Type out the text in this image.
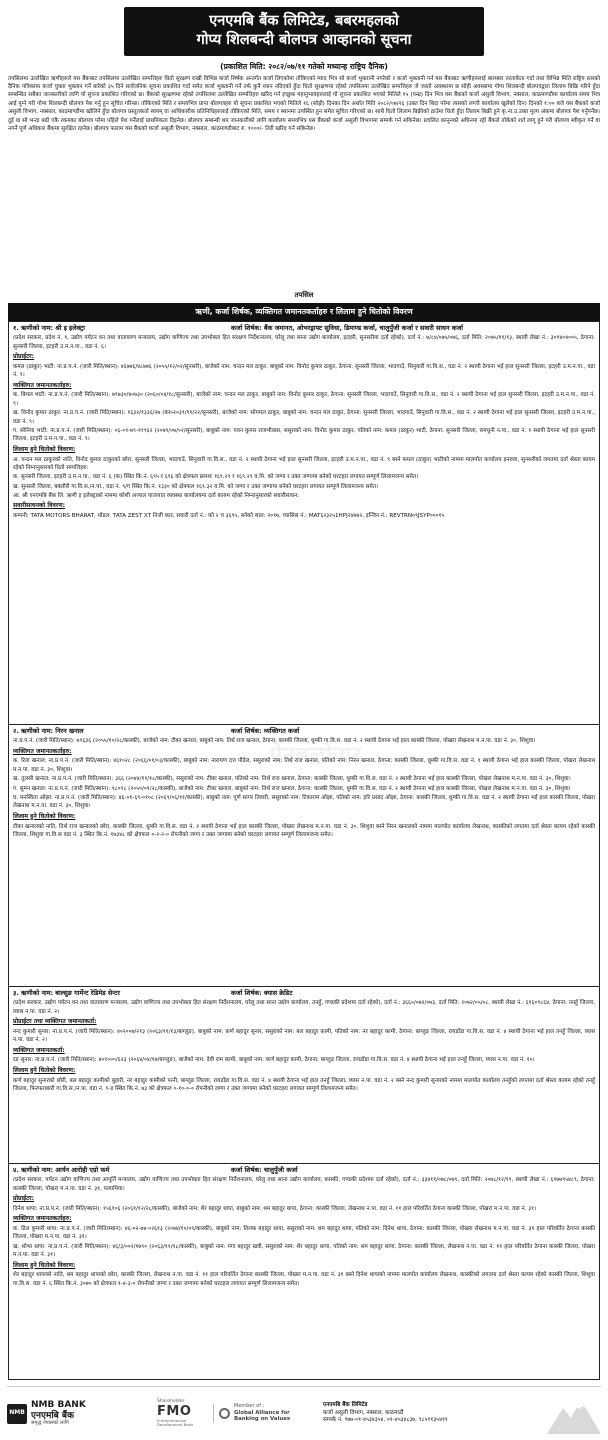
एनएमबि बैंक लिमिटेड, बबरमहलको
गोप्य शिलबन्दी बोलपत्र आव्हानको सूचना
(प्रकाशित मिति: २०८२/०७/११ गतेको मध्यान्ह राष्ट्रिय दैनिक)
तपसिलमा उल्लेखित ऋणीहरुले यस बैंकबाट तपसिलमा उल्लेखित सम्पत्तिहरु धितो सुरक्षण राखी विभिन्न कर्जा शिर्षक अन्तर्गत कर्जा लिएकोमा तोकिएको म्याद भित्र सो कर्जा भुक्तानी नगरेको र कर्जा भुक्तानी गर्न यस बैंकबाट ऋणीहरुलाई बारम्बार तरताकेता गर्दा तथा विभिन्न मिति राष्ट्रिय स्तरको दैनिक पत्रिकामा कर्जा चुक्ता भुक्तान गर्ने बारेको ३५ दिने सार्वजनिक सूचना प्रकाशित गर्दा समेत कर्जा भुक्तानी गर्ने तर्फ कुनै ध्यान नदिएको हुँदा धितो सुरक्षणमा रहेको तपसिलमा उल्लेखित सम्पत्तिहरु जे जस्तो अवस्थामा छ सोही अवस्थामा गोप्य शिलबन्दी बोलपत्रद्वारा लिलाम बिक्रि गरिने हुँदा सम्बन्धित सबैका जानकारीको लागि यो सुचना प्रकाशित गरिएको छ। बैंकको सुरक्षणमा रहेको तपसिलमा उल्लेखित सम्पत्तिहरु खरिद गर्न इच्छुक महानुभावहरुलाई यो सुचना प्रकाशित भएको मितिले १५ (पन्ध्र) दिन भित्र यस बैंकको कर्जा असुली विभाग, नक्साल, काठमाण्डौमा कार्यालय समय भित्र आई पुग्ने गरी गोप्य शिलबन्दी बोलपत्र पेश गर्नु हुन सूचित गरिन्छ। तोकिएको मिति र समयभित्र प्राप्त बोलपत्रहरु यो सूचना प्रकाशित भएको मितिले १६ (सोह्रौ) दिनका दिन अर्थात मिति २०८२/०७/२६ (उक्त दिन बिदा परेमा त्यसको लगत्तै कार्यालय खुलेको दिन) दिनको १:०० बजे यस बैंकको कर्जा असुली विभाग, नक्साल, काठमाण्डौमा खोलिने हुँदा बोलपत्र प्रस्तुतकर्ता स्वयम् वा आधिकारीक प्रतिनिधिहरुलाई तोकिएको मिति, समय र स्थानमा उपस्थित हुन समेत सूचित गरिएको छ। साथै धितो लिलाम बिक्रीको ठाउँमा धितो हुँदा लिलाम बिक्री हुने कृ.ना.उ.उक्त मुल्य अंकमा बोलपत्र पेश गर्नुपर्नेछ। दुई वा सो भन्दा बढी एकै रकमका बोलपत्र परेमा पहिले पेश गर्नेलाई प्राथमिकता दिइनेछ। बोलपत्र सम्बन्धी थप जानकारीको लागि कार्यालय समयभित्र यस बैंकको कर्जा असुली विभागमा सम्पर्क गर्न सकिनेछ। प्रचलित कानुनको अधिनमा रही बैंकले तोकेको शर्त लागू हुने गरी बोलपत्र स्वीकृत गर्ने वा नगर्ने पूर्ण अधिकार बैंकमा सुरक्षित रहनेछ। बोलपत्र फाराम यस बैंकको कर्जा असुली विभाग, नक्साल, काठमाण्डौबाट रु. १०००/- तिरी खरिद गर्न सकिनेछ।
तपसिल
ऋणी, कर्जा शिर्षक, व्यक्तिगत जमानतकर्ताहरु र लिलाम हुने धितोको विवरण
१. ऋणीको नाम: श्री इ इलेक्ट्रा	कर्जा शिर्षक: बैंक जमानत, ओभरड्राफ्ट सुविधा, डिमाण्ड कर्जा, चालुपुँजी कर्जा र सवारी साधन कर्जा

(प्रदेश सरकार, प्रदेश नं. १, उद्योग पर्यटन वन तथा वातावरण मन्त्रालय, उद्योग वाणिज्य तथा उपभोक्ता हित संरक्षण निर्देशनालय, घरेलु तथा साना उद्योग कार्यालय, इटहरी, सुनसरीमा दर्ता रहेको), दर्ता नं.: ७/८४/०७५/०७६, दर्ता मिति: २०७५/११/१३, स्थायी लेखा नं.: ३०१४०४००५, ठेगाना: सुनसरी जिल्ला, इटहरी उ.म.न.पा., वडा नं. ६।

प्रोप्राईटर:

कमल (ठाकुर) भाटी: ना.प्र.प.नं. (जारी मिति/स्थान): ४६७७६/४८७७६ (२०५५/१२/०२/सुनसरी), बाजेको नाम: चन्दन मल ठाकुर, बाबुको नाम: विनोद कुमार ठाकुर, ठेगाना: सुनसरी जिल्ला, भादगाउँ, सिनुवारी गा.वि.स., वडा नं. २ स्थायी ठेगाना भई हाल सुनसरी जिल्ला, इटहरी उ.म.न.पा., वडा नं. ९।

व्यक्तिगत जमानतकर्ताहरु:

क. बिमल भाटी: ना.प्र.प.नं. (जारी मिति/स्थान): ७९७३०/४०७३० (२०६०/०४/१८/सुनसरी), बाजेको नाम: चन्दन मल ठाकुर, बाबुको नाम: विनोद कुमार ठाकुर, ठेगाना: सुनसरी जिल्ला, भादगाउँ, सिनुवारी गा.वि.स., वडा नं. २ स्थायी ठेगाना भई हाल सुनसरी जिल्ला, इटहरी उ.म.न.पा., वडा नं. ९।

ख. विनोद कुमार ठाकुर: ना.प्र.प.नं. (जारी मिति/स्थान): १६३२/१३३६/२७ (का०२०३९/११/२२/सुनसरी), बाजेको नाम: सोगमल ठाकुर, बाबुको नाम: चन्दन मल ठाकुर, ठेगाना: सुनसरी जिल्ला, भादगाउँ, सिनुवारी गा.वि.स., वडा नं. २ स्थायी ठेगाना भई हाल सुनसरी जिल्ला, इटहरी उ.म.न.पा., वडा नं. ९।

ग. सोनिया भाटी: ना.प्र.प.नं. (जारी मिति/स्थान): ०६-०१-७९-११९६२ (२०७९/०७/०२/सुनसरी), बाबुको नाम: पवन कुमार राजभीवास, ससुराको नाम: विनोद कुमार ठाकुर, पतिको नाम: कमल (ठाकुर) भाटी, ठेगाना: सुनसरी जिल्ला, रामधुनी न.पा., वडा नं. १ स्थायी ठेगाना भई हाल सुनसरी जिल्ला, इटहरी उ.म.न.पा., वडा नं. ९।

लिलाम हुने धितोको विवरण:

अ. चन्दन मल ठाकुरको नाति, विनोद कुमार ठाकुरको छोरा, सुनसरी जिल्ला, भादगाउँ, सिनुवारी गा.वि.स., वडा नं. २ स्थायी ठेगाना भई हाल सुनसरी जिल्ला, इटहरी उ.म.न.पा., वडा नं. ९ बस्ने कमल (ठाकुर) भाटीको नाममा मालपोत कार्यालय इनरुवा, सुनसरीको लगतमा दर्ता श्रेस्ता कायम रहेको निम्नानुसारको धितो सम्पत्तिहरु:

क. सुनसरी जिल्ला, इटहरी उ.म.न.पा., वडा नं. ६ (क) स्थित कि.नं. ६९५ र ६९६ को क्षेत्रफल क्रमशः १६९.२९ र १६९.२९ व.मि. को जग्गा र उक्त जग्गामा बनेको घरटहरा लगायत सम्पूर्ण लिलामजन्य समेत।

ख. सुनसरी जिल्ला, बक्लौरी गा.वि.स./न.पा., वडा नं. ९/ग स्थित कि.नं. १३३० को क्षेत्रफल १६९.३२ व.मि. को जग्गा र उक्त जग्गामा बनेको घरटहरा लगायत सम्पूर्ण लिलामजन्य समेत।

आ. श्री एनएमबि बैंक लि. ऋणी इ इलेक्ट्राको नाममा कोशी अञ्चल यातायात व्यवस्था कार्यालयमा दर्ता कायम रहेको निम्नानुसारको सवारीसाधन:

सवारीसाधनको विवरण:

कम्पनी: TATA MOTORS BHARAT, मोडल: TATA ZEST XT निजी कार, सवारी दर्ता नं.: को २ च ३६९५, बनेको साल: २०१७, च्यासिस नं.: MAT६२३२५1HPJ२४७४२, इन्जिन नं.: REVTRN०९JSYP०००१५

२. ऋणीको नाम: निरन खनाल	कर्जा शिर्षक: व्यक्तिगत कर्जा

ना.प्र.प.नं. (जारी मिति/स्थान): ७९६३६ (२०५५/१०/२८/कास्की), बाजेको नाम: टीका खनाल, बाबुको नाम: तिर्थ राज खनाल, ठेगाना: कास्की जिल्ला, धुम्की गा.वि.स. वडा नं. २ स्थायी ठेगाना भई हाल कास्की जिल्ला, पोखरा लेखनाथ म.न.पा. वडा नं. ३०, शिशुवा।

व्यक्तिगत जमानतकर्ताहरु:

क. रिता खनाल: ना.प्र.प.नं. (जारी मिति/स्थान): ४६१०२८ (२०६६/०१/०३/कास्की), बाबुको नाम: नारायण दत्त पौडेल, ससुराको नाम: तिर्थ राज खनाल, पतिको नाम: निरन खनाल, ठेगाना: कास्की जिल्ला, धुम्की गा.वि.स. वडा नं. १ स्थायी ठेगाना भई हाल कास्की जिल्ला, पोखरा लेखनाथ म.न.पा. वडा नं. ३०, शिशुवा।

ख. तुलसी खनाल: ना.प्र.प.नं. (जारी मिति/स्थान): ३६६ (२०४४/११/१८/कास्की), ससुराको नाम: टीका खनाल, पतिको नाम: तिर्थ राज खनाल, ठेगाना: कास्की जिल्ला, धुम्की गा.वि.स. वडा नं. २ स्थायी ठेगाना भई हाल कास्की जिल्ला, पोखरा लेखनाथ म.न.पा. वडा नं. ३०, शिशुवा।

ग. सुमन खनाल: ना.प्र.प.नं. (जारी मिति/स्थान): १८०९८ (२०५०/०१/२८/कास्की), बाजेको नाम: टीका खनाल, बाबुको नाम: तिर्थ राज खनाल, ठेगाना: कास्की जिल्ला, धुम्की गा.वि.स. वडा नं. २ स्थायी ठेगाना भई हाल कास्की जिल्ला, पोखरा लेखनाथ म.न.पा. वडा नं. ३०, शिशुवा।

घ. मनस्विता ओझा: ना.प्र.प.नं. (जारी मिति/स्थान): ४६-०१-६९-०१०८ (२०६९/०६/११/कास्की), बाबुको नाम: पुर्ण सागर तिवारी, ससुराको नाम: टिकाराम ओझा, पतिको नाम: हरि प्रसाद ओझा, ठेगाना: कास्की जिल्ला, धुम्की गा.वि.स. वडा नं. २ स्थायी ठेगाना भई हाल कास्की जिल्ला, पोखरा लेखनाथ म.न.पा. वडा नं. ३०, शिशुवा।

लिलाम हुने धितोको विवरण:

टीका खनालको नाति, तिर्थ राज खनालको छोरा, कास्की जिल्ला, धुम्की गा.वि.स. वडा नं. २ स्थायी ठेगाना भई हाल कास्की जिल्ला, पोखरा लेखनाथ म.न.पा. वडा नं. ३०, शिशुवा बस्ने निरन खनालको नाममा मालपोत कार्यालय लेखनाथ, कास्कीको लगतमा दर्ता श्रेस्ता कायम रहेको कास्की जिल्ला, शिशुवा गा.वि.स वडा नं. ३ स्थित कि.नं. १७३४८ को क्षेत्रफल ०-२-२-० रोपनीको जग्गा र उक्त जग्गामा बनेको घरटहरा लगायत सम्पूर्ण लिलामजन्य समेत।

३. ऋणीको नाम: बाल्सुङ गार्मेन्ट रेडिमेड सेन्टर	कर्जा शिर्षक: क्यास क्रेडिट

(प्रदेश सरकार, उद्योग पर्यटन वन तथा वातावरण मन्त्रालय, उद्योग वाणिज्य तथा उपभोक्ता हित संरक्षण निर्देशनालय, घरेलु तथा साना उद्योग कार्यालय, तनहुँ, गण्डकी प्रदेशमा दर्ता रहेको), दर्ता नं.: ३६६०/०७२/०७३, दर्ता मिति: २०७२/०५/०८, स्थायी लेखा नं.: ६१६०९८६४, ठेगाना: तनहुँ जिल्ला, व्यास न.पा. वडा नं. २।

प्रोप्राईटर तथा व्यक्तिगत जमानतकर्ता:

नन्द कुमारी सुनार: ना.प्र.प.नं. (जारी मिति/स्थान): ४०२००७/२१३ (२०६३/११/१३/बाग्लुङ), बाबुको नाम: कर्ण बहादुर सुनार, ससुराको नाम: बल बहादुर कामी, पतिको नाम: नर बहादुर कामी, ठेगाना: बाग्लुङ जिल्ला, रायडाँडा गा.वि.स. वडा नं. ४ स्थायी ठेगाना भई हाल तनहुँ जिल्ला, व्यास न.पा. वडा नं. २।

व्यक्तिगत जमानतकर्ता:

रङ सुनार: ना.प्र.प.नं. (जारी मिति/स्थान): ४०९०००/६२३ (२०६४/०४/१७/बाग्लुङ), बाजेको नाम: देवी राम कामी, बाबुको नाम: कर्ण बहादुर कामी, ठेगाना: बाग्लुङ जिल्ला, रायडाँडा गा.वि.स. वडा नं. ४ स्थायी ठेगाना भई हाल तनहुँ जिल्ला, व्यास न.पा. वडा नं. १०।

लिलाम हुने धितोको विवरण:

कर्ण बहादुर सुनारको छोरी, बल बहादुर कामीको बुहारी, नर बहादुर कामीको पत्नी, बाग्लुङ जिल्ला, रायडाँडा गा.वि.स. वडा नं. ४ स्थायी ठेगाना भई हाल तनहुँ जिल्ला, व्यास न.पा. वडा नं. २ बस्ने नन्द कुमारी सुनारको नाममा मालपोत कार्यालय तनहुँको लगतमा दर्ता श्रेस्ता कायम रहेको तनहुँ जिल्ला, फिरफराबारी गा.वि.स./न.पा. वडा नं. ९-ड स्थित कि.नं. ७३ को क्षेत्रफल ०-१०-०-० रोपनीको जग्गा र उक्त जग्गामा बनेको घरटहरा लगायत सम्पूर्ण लिलामजन्य समेत।

४. ऋणीको नाम: आर्यन आरोही एग्रो फर्म	कर्जा शिर्षक: चालुपुँजी कर्जा

(प्रदेश सरकार, पर्यटन उद्योग वाणिज्य तथा आपूर्ति मन्त्रालय, उद्योग वाणिज्य तथा उपभोक्ता हित संरक्षण निर्देशनालय, घरेलु तथा साना उद्योग कार्यालय, कास्की, गण्डकी प्रदेशमा दर्ता रहेको), दर्ता नं.: ३३४११/०७८/०७९, दर्ता मिति: २०७८/१२/११, स्थायी लेखा नं.: ६१७७९५४८९, ठेगाना: कास्की जिल्ला, पोखरा म.न.पा. वडा नं. ३१, पत्यामिया।

प्रोप्राईटर:

दिनेश थापा: ना.प्र.प.नं. (जारी मिति/स्थान): १५६१०६ (२०६१/१२/२८/कास्की), बाजेको नाम: शेर बहादुर थापा, बाबुको नाम: थम बहादुर थापा, ठेगाना: कास्की जिल्ला, लेखनाथ न.पा. वडा नं. ११ हाल परिवर्तित ठेगाना कास्की जिल्ला, पोखरा म.न.पा. वडा नं. ३१।

व्यक्तिगत जमानतकर्ताहरु:

क. डिल कुमारी थापा: ना.प्र.प.नं. (जारी मिति/स्थान): ४६-०२-७४-०२६१३ (२०७४/१०/०९/कास्की), बाबुको नाम: तिलक बहादुर थापा, ससुराको नाम: थम बहादुर थापा, पतिको नाम: दिनेश थापा, ठेगाना: कास्की जिल्ला, पोखरा लेखनाथ म.न.पा. वडा नं. ३१ हाल परिवर्तित ठेगाना कास्की जिल्ला, पोखरा म.न.पा. वडा नं. ३१।

ख. शोभा थापा: ना.प्र.प.नं. (जारी मिति/स्थान): ४६/३/००२/१७९० (२०६३/११/१८/कास्की), बाबुको नाम: गंगा बहादुर खत्री, ससुराको नाम: शेर बहादुर थापा, पतिको नाम: थम बहादुर थापा, ठेगाना: कास्की जिल्ला, लेखनाथ न.पा. वडा नं. ११ हाल परिवर्तित ठेगाना कास्की जिल्ला, पोखरा म.न.पा. वडा नं. ३१।

लिलाम हुने धितोको विवरण:

शेर बहादुर थापाको नाति, थम बहादुर थापाको छोरा, कास्की जिल्ला, लेखनाथ न.पा. वडा नं. ११ हाल परिवर्तित ठेगाना कास्की जिल्ला, पोखरा म.न.पा. वडा नं. ३१ बस्ने दिनेश थापाको नाममा मालपोत कार्यालय लेखनाथ, कास्कीको लगतमा दर्ता श्रेस्ता कायम रहेको कास्की जिल्ला, शिशुवा गा.वि.स. वडा नं. ६ स्थित कि.नं. ३०७० को क्षेत्रफल १-४-३-० रोपनीको जग्गा र उक्त जग्गामा बनेको घरटहरा लगायत सम्पूर्ण लिलामजन्य समेत।

ऐनबल्फ़ेयर
NMB
NMB BANK
एनएमबि बैंक
समृद्ध नेपालको लागि
Shareholder
FMO
Entrepreneurial Development Bank
Member of :
Global Alliance for Banking on Values
एनएमबि बैंक लिमिटेड
कर्जा असुली विभाग, नक्साल, काठमाडौं
सम्पर्क नं. ९७७-०१-४५३४३५४, ०१-४५३४८३७, ९८५११३५४११
